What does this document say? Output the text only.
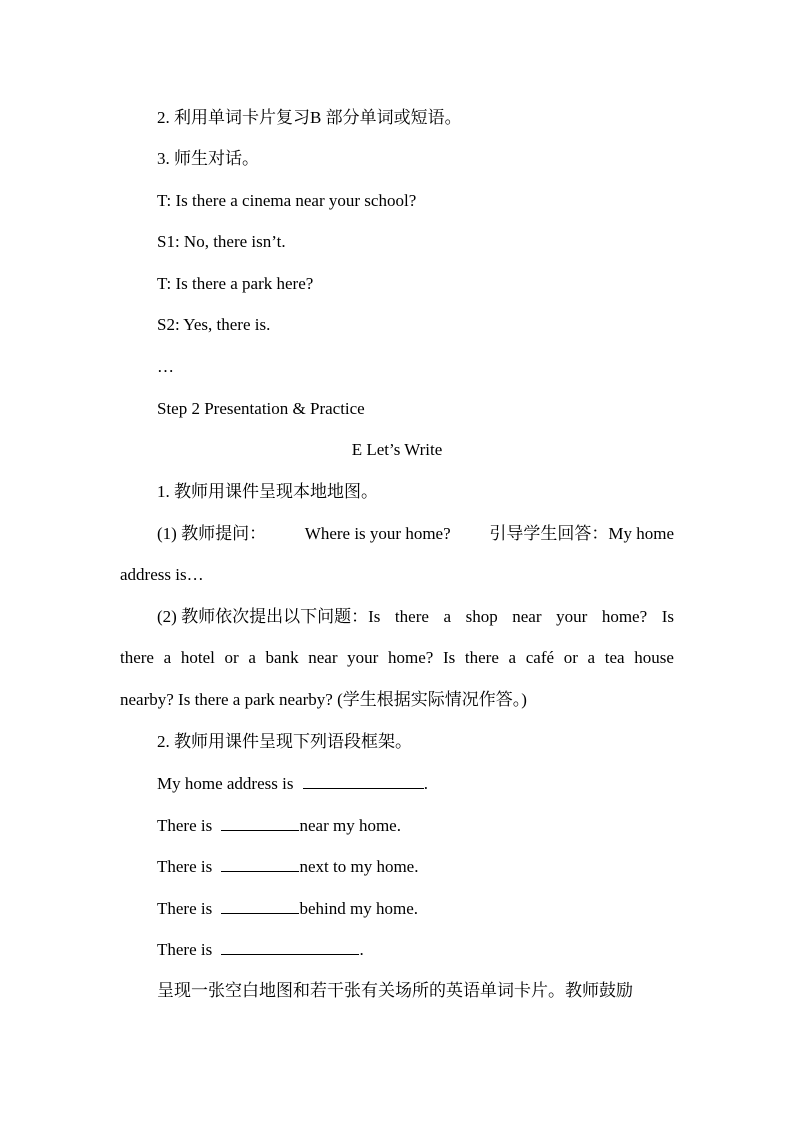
2. 利用单词卡片复习B 部分单词或短语。
3. 师生对话。
T: Is there a cinema near your school?
S1: No, there isn’t.
T: Is there a park here?
S2: Yes, there is.
…
Step 2 Presentation & Practice
E Let’s Write
1. 教师用课件呈现本地地图。
(1) 教师提问： Where is your home? 引导学生回答：My home
address is…
(2) 教师依次提出以下问题：Is there a shop near your home? Is
there a hotel or a bank near your home? Is there a café or a tea house
nearby? Is there a park nearby? (学生根据实际情况作答。)
2. 教师用课件呈现下列语段框架。
My home address is	.
There is	near my home.
There is	next to my home.
There is	behind my home.
There is	.
呈现一张空白地图和若干张有关场所的英语单词卡片。教师鼓励
